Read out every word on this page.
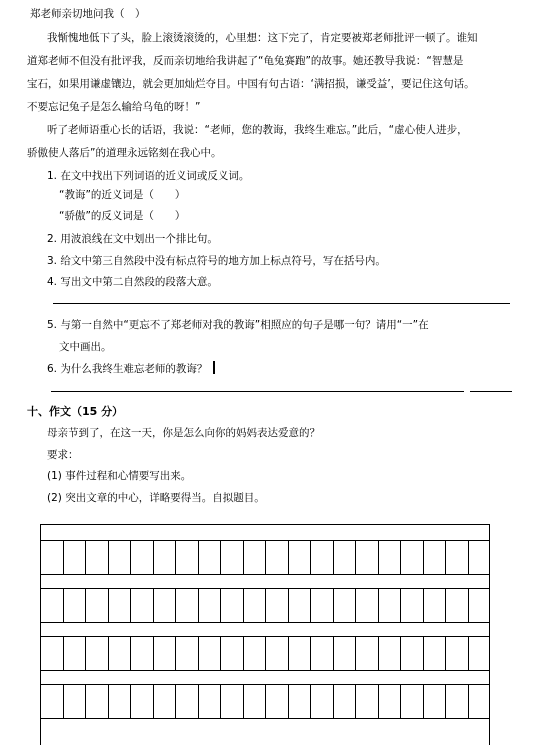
郑老师亲切地问我（　）
我惭愧地低下了头，脸上滚烫滚烫的，心里想：这下完了，肯定要被郑老师批评一顿了。谁知
道郑老师不但没有批评我，反而亲切地给我讲起了“龟兔赛跑”的故事。她还教导我说：“智慧是
宝石，如果用谦虚镶边，就会更加灿烂夺目。中国有句古语：‘满招损，谦受益’，要记住这句话。
不要忘记兔子是怎么输给乌龟的呀！”
听了老师语重心长的话语，我说：“老师，您的教诲，我终生难忘。”此后，“虚心使人进步，
骄傲使人落后”的道理永远铭刻在我心中。
1. 在文中找出下列词语的近义词或反义词。
“教诲”的近义词是（　　）
“骄傲”的反义词是（　　）
2. 用波浪线在文中划出一个排比句。
3. 给文中第三自然段中没有标点符号的地方加上标点符号，写在括号内。
4. 写出文中第二自然段的段落大意。
5. 与第一自然中“更忘不了郑老师对我的教诲”相照应的句子是哪一句？请用“一”在
文中画出。
6. 为什么我终生难忘老师的教诲？
十、作文（15 分）
母亲节到了，在这一天，你是怎么向你的妈妈表达爱意的？
要求：
(1) 事件过程和心情要写出来。
(2) 突出文章的中心，详略要得当。自拟题目。
